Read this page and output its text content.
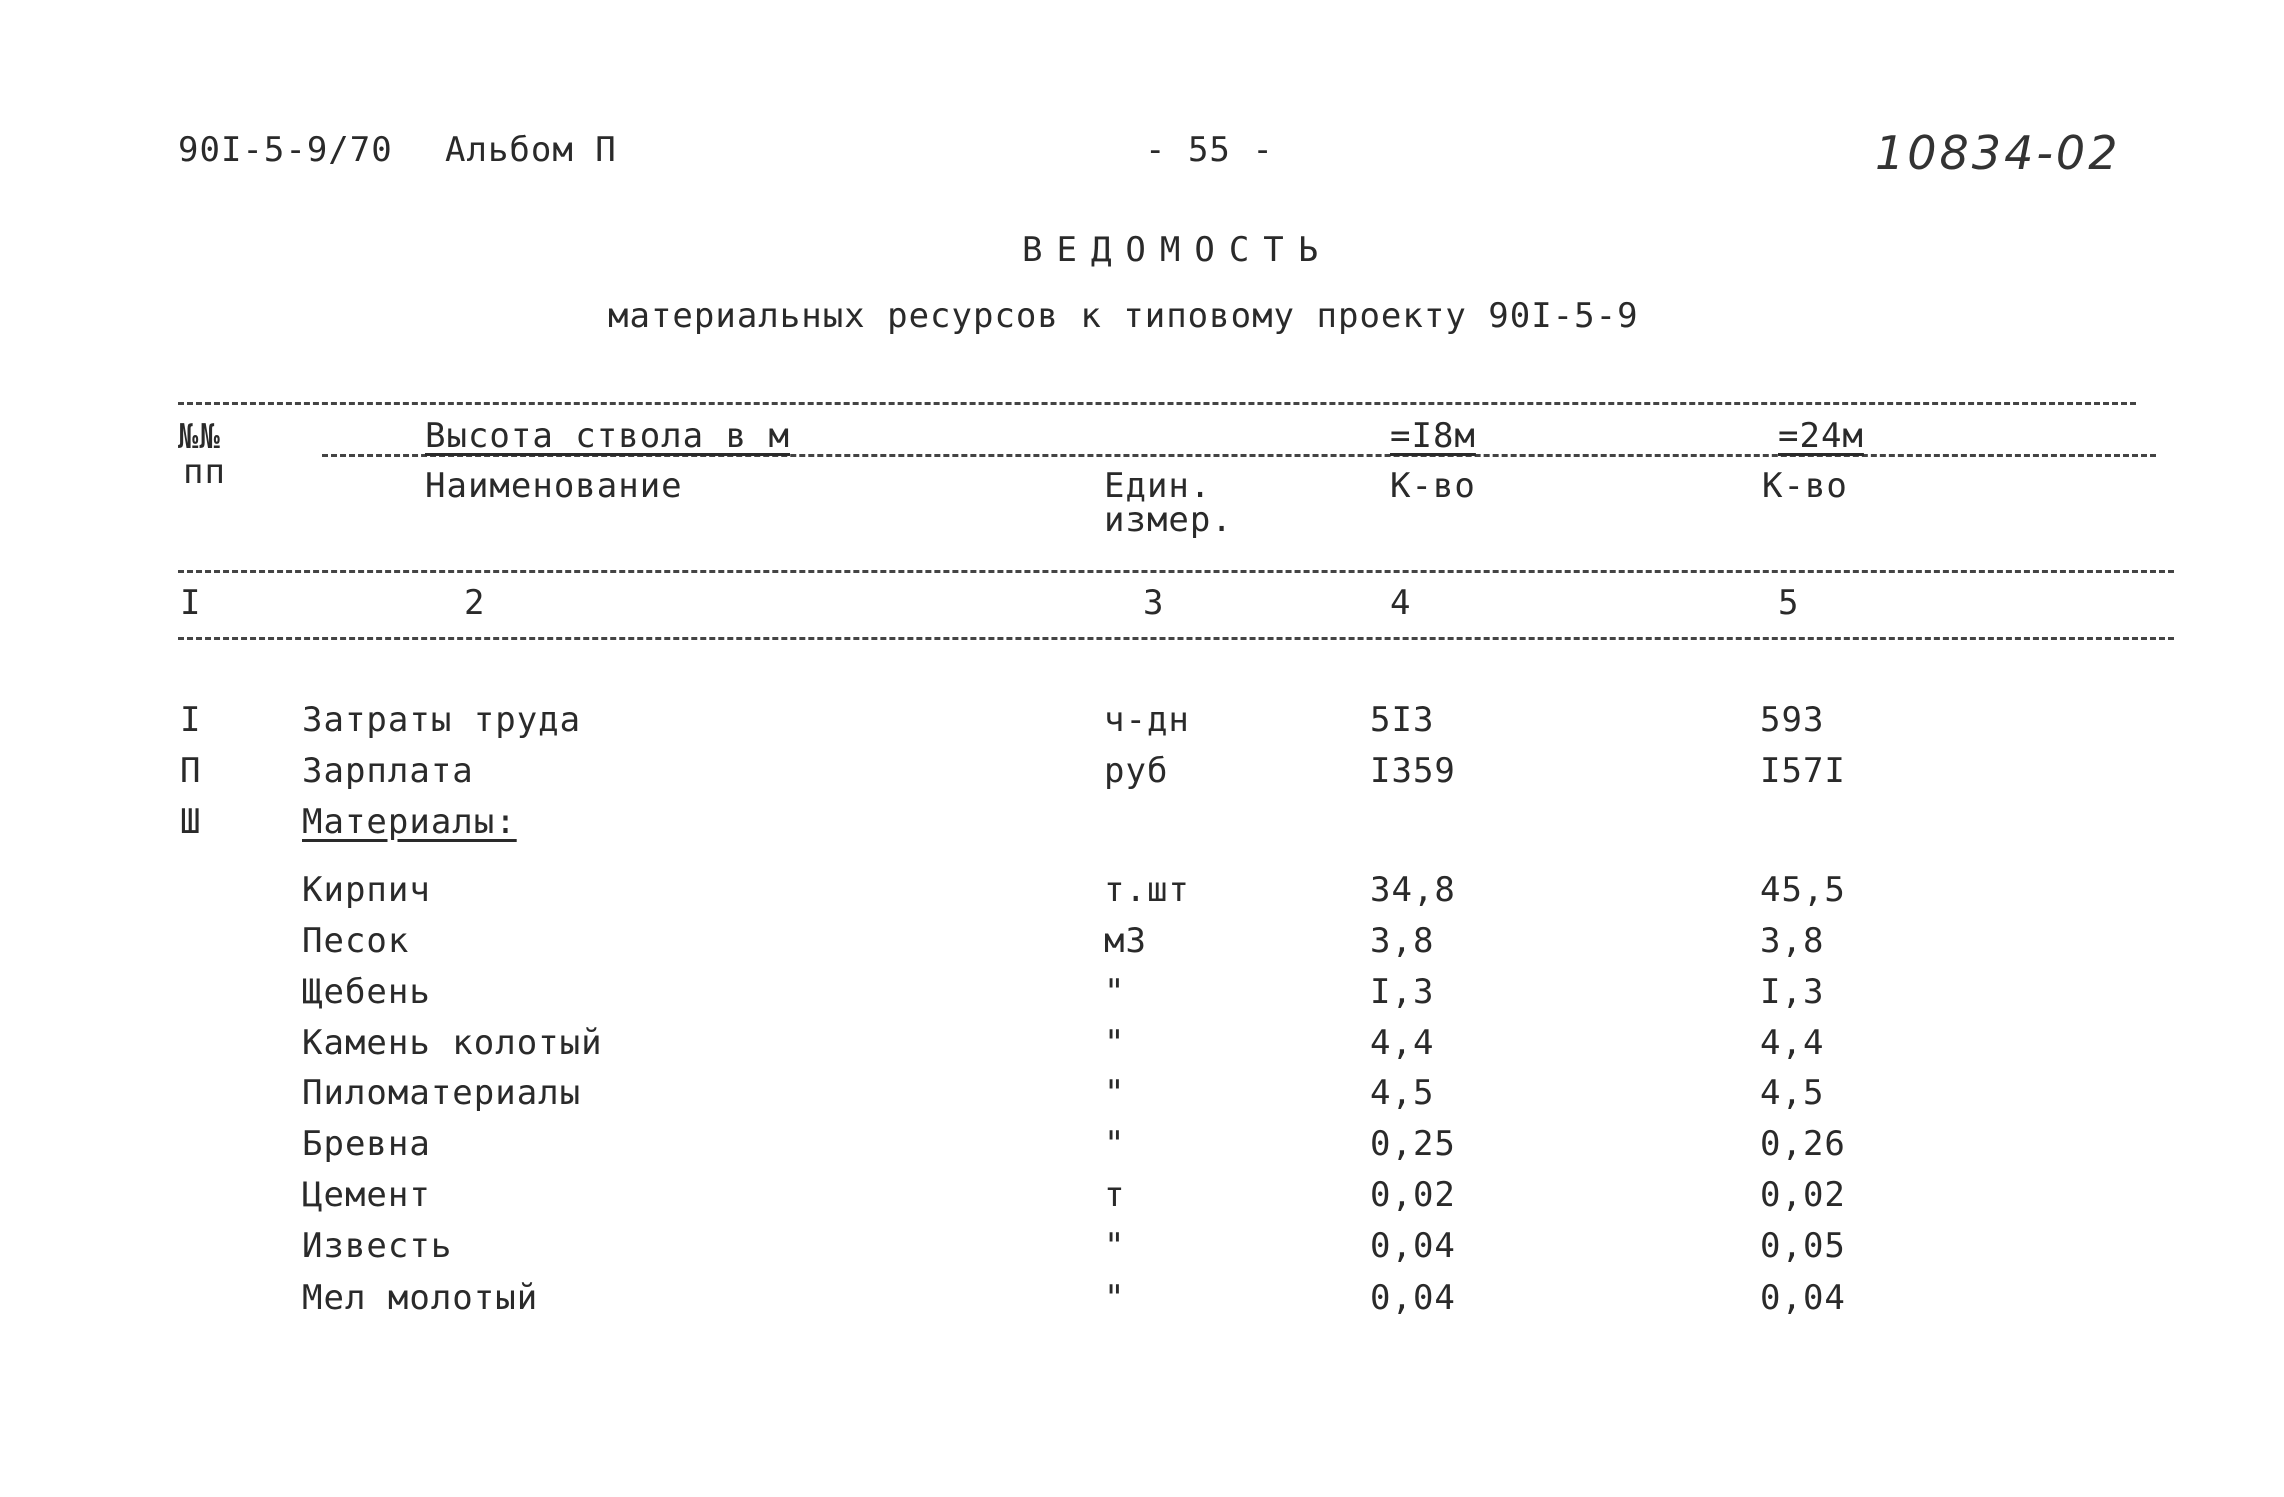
90I-5-9/70 Альбом П	- 55 -	10834-02
ВЕДОМОСТЬ
материальных ресурсов к типовому проекту 90I-5-9
№№
пп
Высота ствола в м	=I8м	=24м
Наименование	Един.
измер.
К-во	К-во
I	2	3	4	5
I	Затраты труда	ч-дн	5I3	593
П	Зарплата	руб	I359	I57I
Ш	Материалы:
Кирпич	т.шт	34,8	45,5
Песок	м3	3,8	3,8
Щебень	"	I,3	I,3
Камень колотый	"	4,4	4,4
Пиломатериалы	"	4,5	4,5
Бревна	"	0,25	0,26
Цемент	т	0,02	0,02
Известь	"	0,04	0,05
Мел молотый	"	0,04	0,04
